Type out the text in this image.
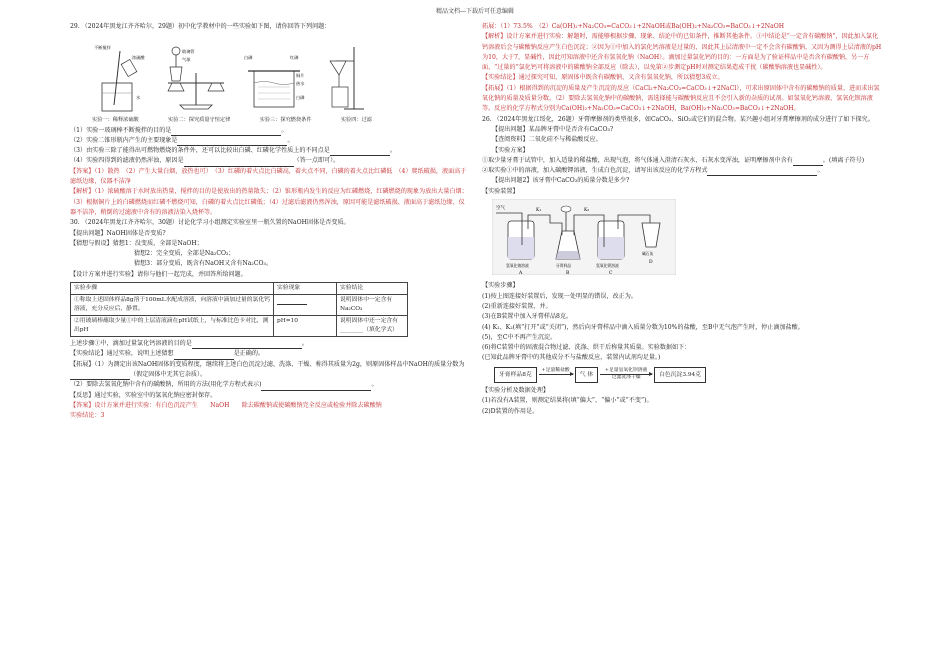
精品文档---下载后可任意编辑

29. （2024年黑龙江齐齐哈尔，29题）初中化学教材中的一些实验如下图，请你回答下列问题：

不断搅拌
浓硫酸
水
玻璃管
气球	白磷	红磷
热水
白磷
铜片
实验一：稀释浓硫酸	实验二：探究质量守恒定律	实验三：探究燃烧条件	实验四：过滤

（1）实验一玻璃棒不断搅拌的目的是	。

（2）实验二锥形瓶内产生的主要现象是	。

（3）由实验三除了能得出可燃物燃烧的条件外，还可以比较出白磷、红磷化学性质上的不同点是	。

（4）实验四得到的滤液仍然浑浊，原因是	（答一点即可）。

【答案】（1）散热　（2）产生大量白烟、放热也可）　（3）红磷的着火点比白磷高，着火点不同，白磷的着火点比红磷低　（4）爬纸破损，液面高于滤纸边缘，仪器不洁净

【解析】（1）浓硫酸溶于水时放出热量，搅拌的目的是使放出的热量散失；（2）锥形瓶内发生的反应为红磷燃烧，红磷燃烧的现象为放出大量白烟；（3）根据铜片上的白磷燃烧而红磷不燃烧可知，白磷的着火点比红磷低；（4）过滤后滤液仍然浑浊，原因可能是滤纸破损、液面高于滤纸边缘、仪器不洁净，稍倒的过滤液中含有的溶液沾染入烧杯等。

30. （2024年黑龙江齐齐哈尔，30题）讨论化学习小组测定实验室里一瓶久置的NaOH固体是否变质。

【提出问题】NaOH固体是否变质?

【猜想与假设】猜想1：没变质，全部是NaOH；

猜想2：完全变质，全部是Na₂CO₃；

猜想3：部分变质，既含有NaOH又含有Na₂CO₃。

【设计方案并进行实验】请你与他们一起完成，并回答所给问题。

实验步骤	实验现象	实验结论
①称取上述固体样品8g溶于100mL水配成溶液，向溶液中滴加过量的氯化钙溶液，充分反应后，静置。		说明固体中一定含有Na₂CO₃
②用玻璃棒蘸取少量①中的上层清液滴在pH试纸上，与标准比色卡对比，测出pH	pH=10	说明固体中还一定含有________（填化学式）

上述步骤①中，滴加过量氯化钙溶液的目的是	。

【实验结论】通过实验，说明上述猜想	是正确的。

【拓展】（1）为测定出该NaOH固体的变质程度，继续将上述白色沉淀过滤、洗涤、干燥、称得其质量为2g，则原固体样品中NaOH的质量分数为（假定固体中无其它杂质）。

（2）要除去氢氧化钠中含有的碳酸钠，所用的方法(用化学方程式表示)	。

【反思】通过实验，实验室中的氢氧化钠应密封保存。

【答案】设计方案并进行实验：有白色沉淀产生　　NaOH　　除去碳酸钠或使碳酸钠完全反应或检验并除去碳酸钠

实验结论：3

拓展：（1）73.5%　（2）Ca(OH)₂+Na₂CO₃=CaCO₃↓+2NaOH或Ba(OH)₂+Na₂CO₃=BaCO₃↓+2NaOH

【解析】设计方案并进行实验：解题时，需能够根据步骤、现象、结论中的已知条件，推断其他条件。①中结论是“一定含有碳酸钠”，因此加入氯化钙溶液后会与碳酸钠反应产生白色沉淀；②因为①中加入的氯化钙溶液是过量的，因此其上层清液中一定不会含有碳酸钠，又因为测得上层清液的pH为10，大于7，显碱性，因此可知溶液中还含有氢氧化钠（NaOH）。滴加过量氯化钙的目的：一方面是为了验证样品中是否含有碳酸钠，另一方面，“过量的”氯化钙可将溶液中的碳酸钠全部反应（除去），以免第②步测定pH时对测定结果造成干扰（碳酸钠溶液也显碱性）。

【实验结论】通过探究可知，原固体中既含有碳酸钠，又含有氢氧化钠，所以猜想3成立。

【拓展】（1）根据得到的沉淀的质量及产生沉淀的反应（CaCl₂+Na₂CO₃=CaCO₃↓+2NaCl），可求出原固体中含有的碳酸钠的质量，进而求出氢氧化钠的质量及质量分数。（2）要除去氢氧化钠中的碳酸钠，需选择能与碳酸钠反应且不会引入新的杂质的试剂。如氢氧化钙溶液、氢氧化钡溶液等。反应的化学方程式分别为Ca(OH)₂+Na₂CO₃=CaCO₃↓+2NaOH，Ba(OH)₂+Na₂CO₃=BaCO₃↓+2NaOH。

26. （2024年黑龙江绥化，26题）牙膏摩擦剂的类型很多，如CaCO₃、SiO₂或它们的混合物。某兴趣小组对牙膏摩擦剂的成分进行了如下探究。

【提出问题】某品牌牙膏中是否含有CaCO₃?

【查阅资料】二氧化硅不与稀盐酸反应。

【实验方案】

①取少量牙膏于试管中，加入适量的稀盐酸，出现气泡，将气体通入澄清石灰水，石灰水变浑浊，证明摩擦剂中含有	。(填离子符号)

②取实验①中的溶液，加入碳酸钾溶液，生成白色沉淀，请写出该反应的化学方程式	。

【提出问题2】该牙膏中CaCO₃的质量分数是多少?

【实验装置】

空气	K₁	K₂
氢氧化钠溶液	牙膏样品	氢氧化钡溶液
碱石灰
A	B	C
D

【实验步骤】

(1)按上图连接好装置后，发现一处明显的错误，改正为。

(2)重新连接好装置，并。

(3)在B装置中加入牙膏样品8克。

(4) K₁、K₂(填“打开”或“关闭”)，然后向牙膏样品中滴入质量分数为10%的盐酸，至B中无气泡产生时，停止滴加盐酸。

(5)，至C中不再产生沉淀。

(6)将C装置中的固液混合物过滤、洗涤、烘干后称量其质量。实验数据如下：

(已知此品牌牙膏中的其他成分不与盐酸反应，装置内试剂均足量。)

牙膏样品8克
+足量稀盐酸

气 体
+足量氢氧化钡溶液
过滤洗涤干燥
白色沉淀3.94克

【实验分析及数据处理】

(1)若没有A装置，则测定结果将(填“偏大”、“偏小”或“不变”)。

(2)D装置的作用是。
